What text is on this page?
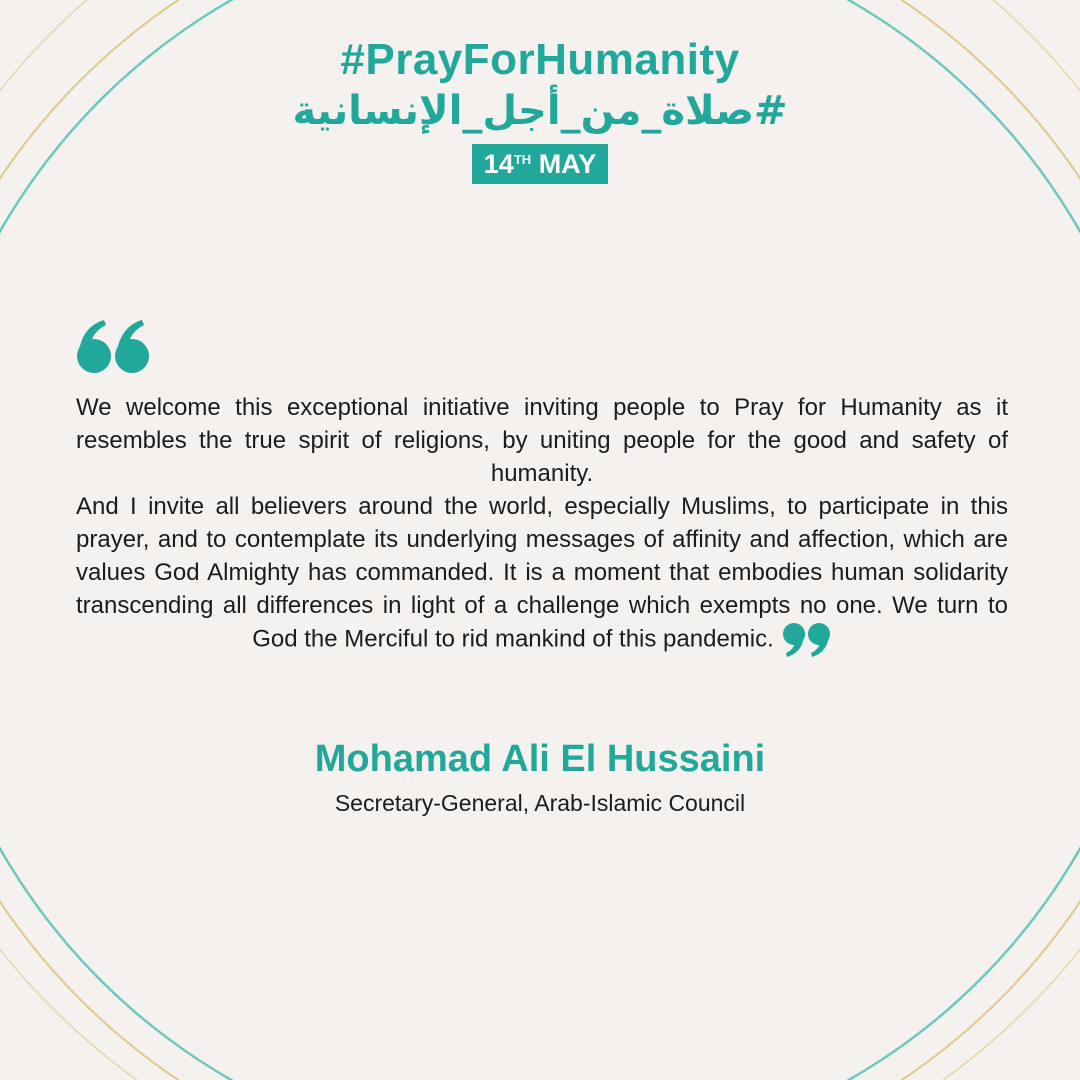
#PrayForHumanity
#صلاة_من_أجل_الإنسانية
14TH MAY

We welcome this exceptional initiative inviting people to Pray for Humanity as it resembles the true spirit of religions, by uniting people for the good and safety of humanity.

And I invite all believers around the world, especially Muslims, to participate in this prayer, and to contemplate its underlying messages of affinity and affection, which are values God Almighty has commanded. It is a moment that embodies human solidarity transcending all differences in light of a challenge which exempts no one. We turn to God the Merciful to rid mankind of this pandemic.

Mohamad Ali El Hussaini
Secretary-General, Arab-Islamic Council
